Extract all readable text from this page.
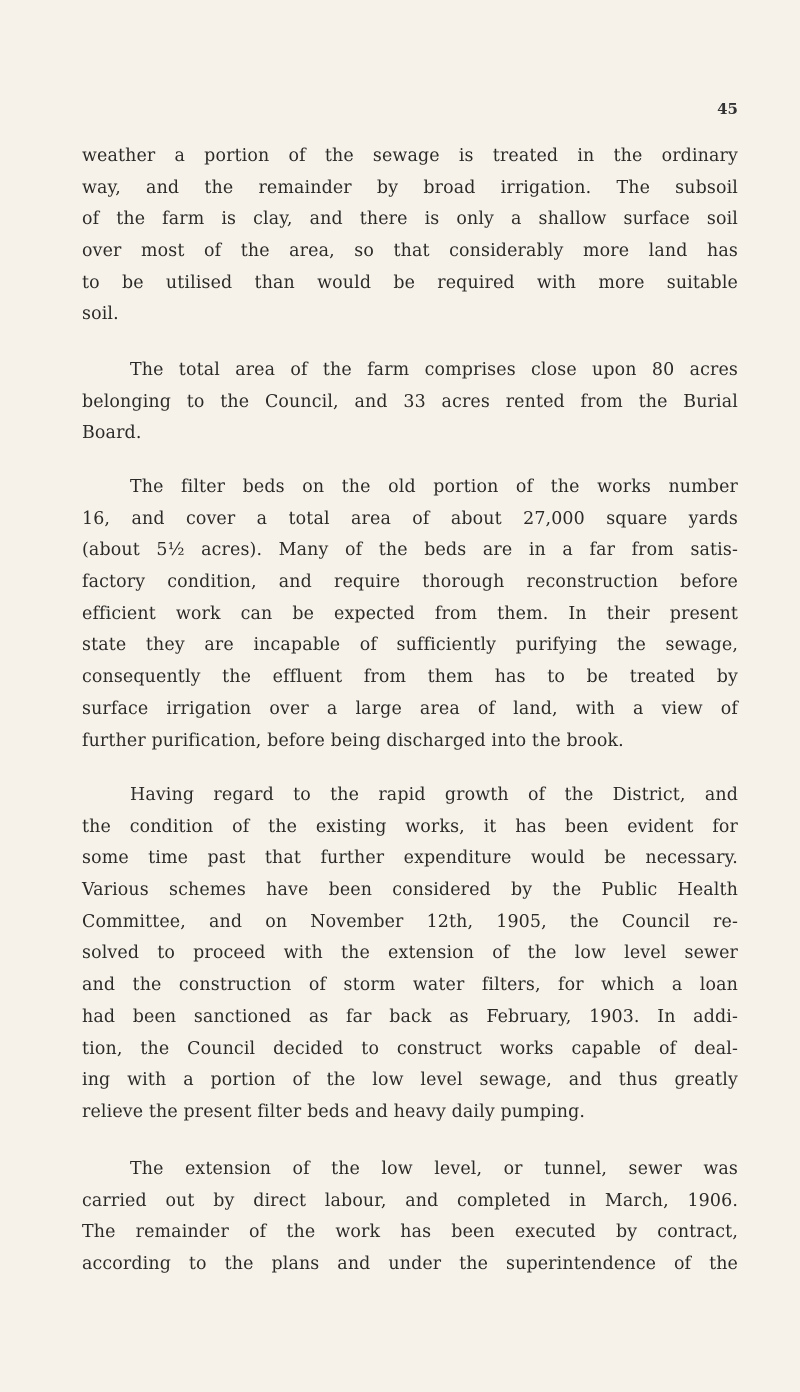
45
weather a portion of the sewage is treated in the ordinary
way, and the remainder by broad irrigation. The subsoil
of the farm is clay, and there is only a shallow surface soil
over most of the area, so that considerably more land has
to be utilised than would be required with more suitable
soil.
The total area of the farm comprises close upon 80 acres
belonging to the Council, and 33 acres rented from the Burial
Board.
The filter beds on the old portion of the works number
16, and cover a total area of about 27,000 square yards
(about 5½ acres). Many of the beds are in a far from satis-
factory condition, and require thorough reconstruction before
efficient work can be expected from them. In their present
state they are incapable of sufficiently purifying the sewage,
consequently the effluent from them has to be treated by
surface irrigation over a large area of land, with a view of
further purification, before being discharged into the brook.
Having regard to the rapid growth of the District, and
the condition of the existing works, it has been evident for
some time past that further expenditure would be necessary.
Various schemes have been considered by the Public Health
Committee, and on November 12th, 1905, the Council re-
solved to proceed with the extension of the low level sewer
and the construction of storm water filters, for which a loan
had been sanctioned as far back as February, 1903. In addi-
tion, the Council decided to construct works capable of deal-
ing with a portion of the low level sewage, and thus greatly
relieve the present filter beds and heavy daily pumping.
The extension of the low level, or tunnel, sewer was
carried out by direct labour, and completed in March, 1906.
The remainder of the work has been executed by contract,
according to the plans and under the superintendence of the
